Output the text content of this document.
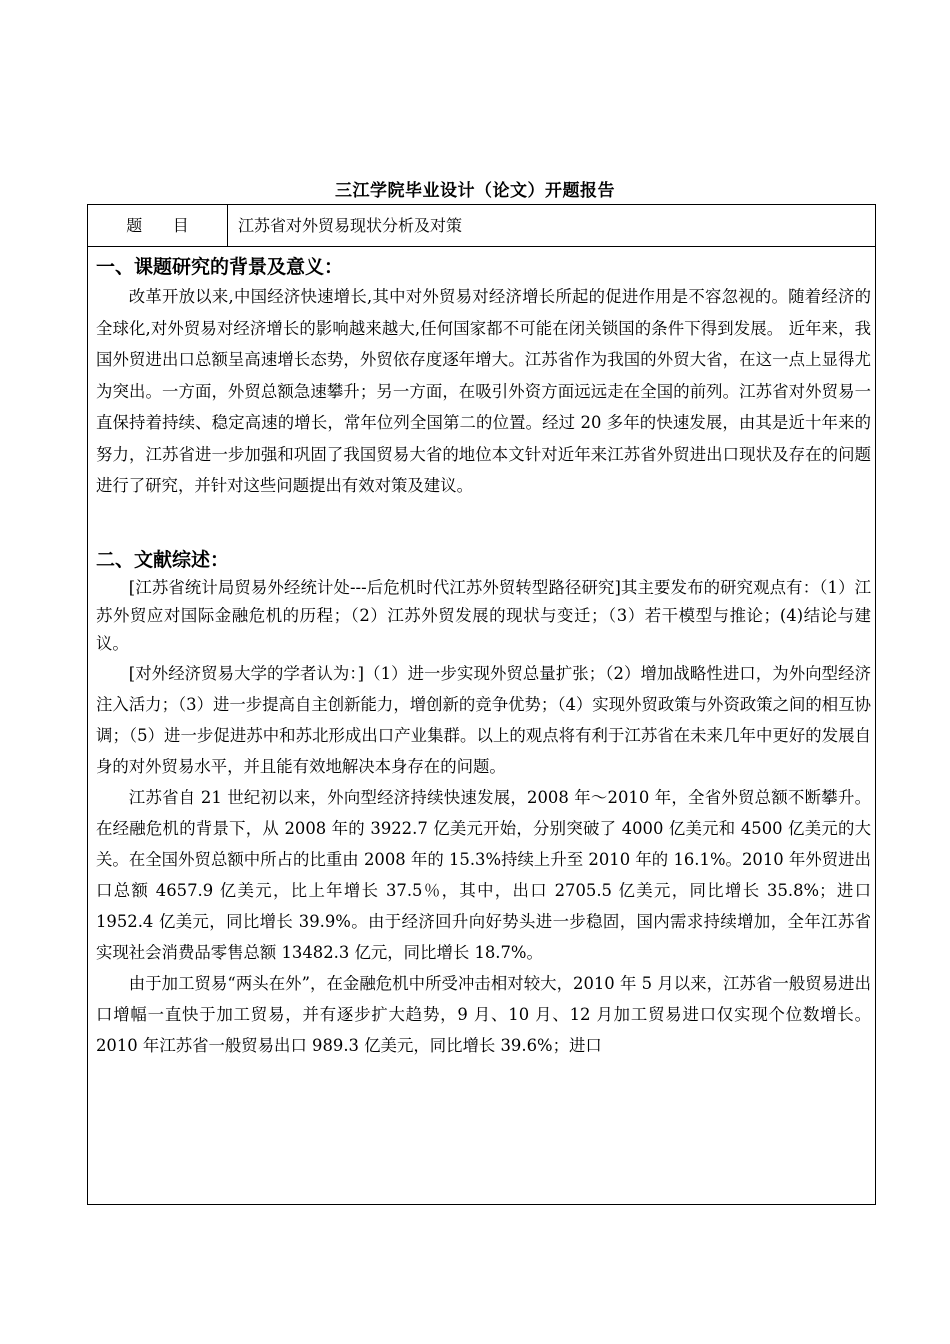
三江学院毕业设计（论文）开题报告
题      目	江苏省对外贸易现状分析及对策
一、课题研究的背景及意义：

改革开放以来,中国经济快速增长,其中对外贸易对经济增长所起的促进作用是不容忽视的。随着经济的全球化,对外贸易对经济增长的影响越来越大,任何国家都不可能在闭关锁国的条件下得到发展。 近年来，我国外贸进出口总额呈高速增长态势，外贸依存度逐年增大。江苏省作为我国的外贸大省，在这一点上显得尤为突出。一方面，外贸总额急速攀升；另一方面，在吸引外资方面远远走在全国的前列。江苏省对外贸易一直保持着持续、稳定高速的增长，常年位列全国第二的位置。经过 20 多年的快速发展，由其是近十年来的努力，江苏省进一步加强和巩固了我国贸易大省的地位本文针对近年来江苏省外贸进出口现状及存在的问题进行了研究，并针对这些问题提出有效对策及建议。

二、文献综述：

[江苏省统计局贸易外经统计处---后危机时代江苏外贸转型路径研究]其主要发布的研究观点有：（1）江苏外贸应对国际金融危机的历程；（2）江苏外贸发展的现状与变迁；（3）若干模型与推论；(4)结论与建议。

[对外经济贸易大学的学者认为：]（1）进一步实现外贸总量扩张；（2）增加战略性进口，为外向型经济注入活力；（3）进一步提高自主创新能力，增创新的竞争优势；（4）实现外贸政策与外资政策之间的相互协调；（5）进一步促进苏中和苏北形成出口产业集群。以上的观点将有利于江苏省在未来几年中更好的发展自身的对外贸易水平，并且能有效地解决本身存在的问题。

江苏省自 21 世纪初以来，外向型经济持续快速发展，2008 年～2010 年，全省外贸总额不断攀升。在经融危机的背景下，从 2008 年的 3922.7 亿美元开始，分别突破了 4000 亿美元和 4500 亿美元的大关。在全国外贸总额中所占的比重由 2008 年的 15.3%持续上升至 2010 年的 16.1%。2010 年外贸进出口总额 4657.9 亿美元，比上年增长 37.5％，其中，出口 2705.5 亿美元，同比增长 35.8%；进口 1952.4 亿美元，同比增长 39.9%。由于经济回升向好势头进一步稳固，国内需求持续增加，全年江苏省实现社会消费品零售总额 13482.3 亿元，同比增长 18.7%。

由于加工贸易“两头在外”，在金融危机中所受冲击相对较大，2010 年 5 月以来，江苏省一般贸易进出口增幅一直快于加工贸易，并有逐步扩大趋势，9 月、10 月、12 月加工贸易进口仅实现个位数增长。2010 年江苏省一般贸易出口 989.3 亿美元，同比增长 39.6%；进口
